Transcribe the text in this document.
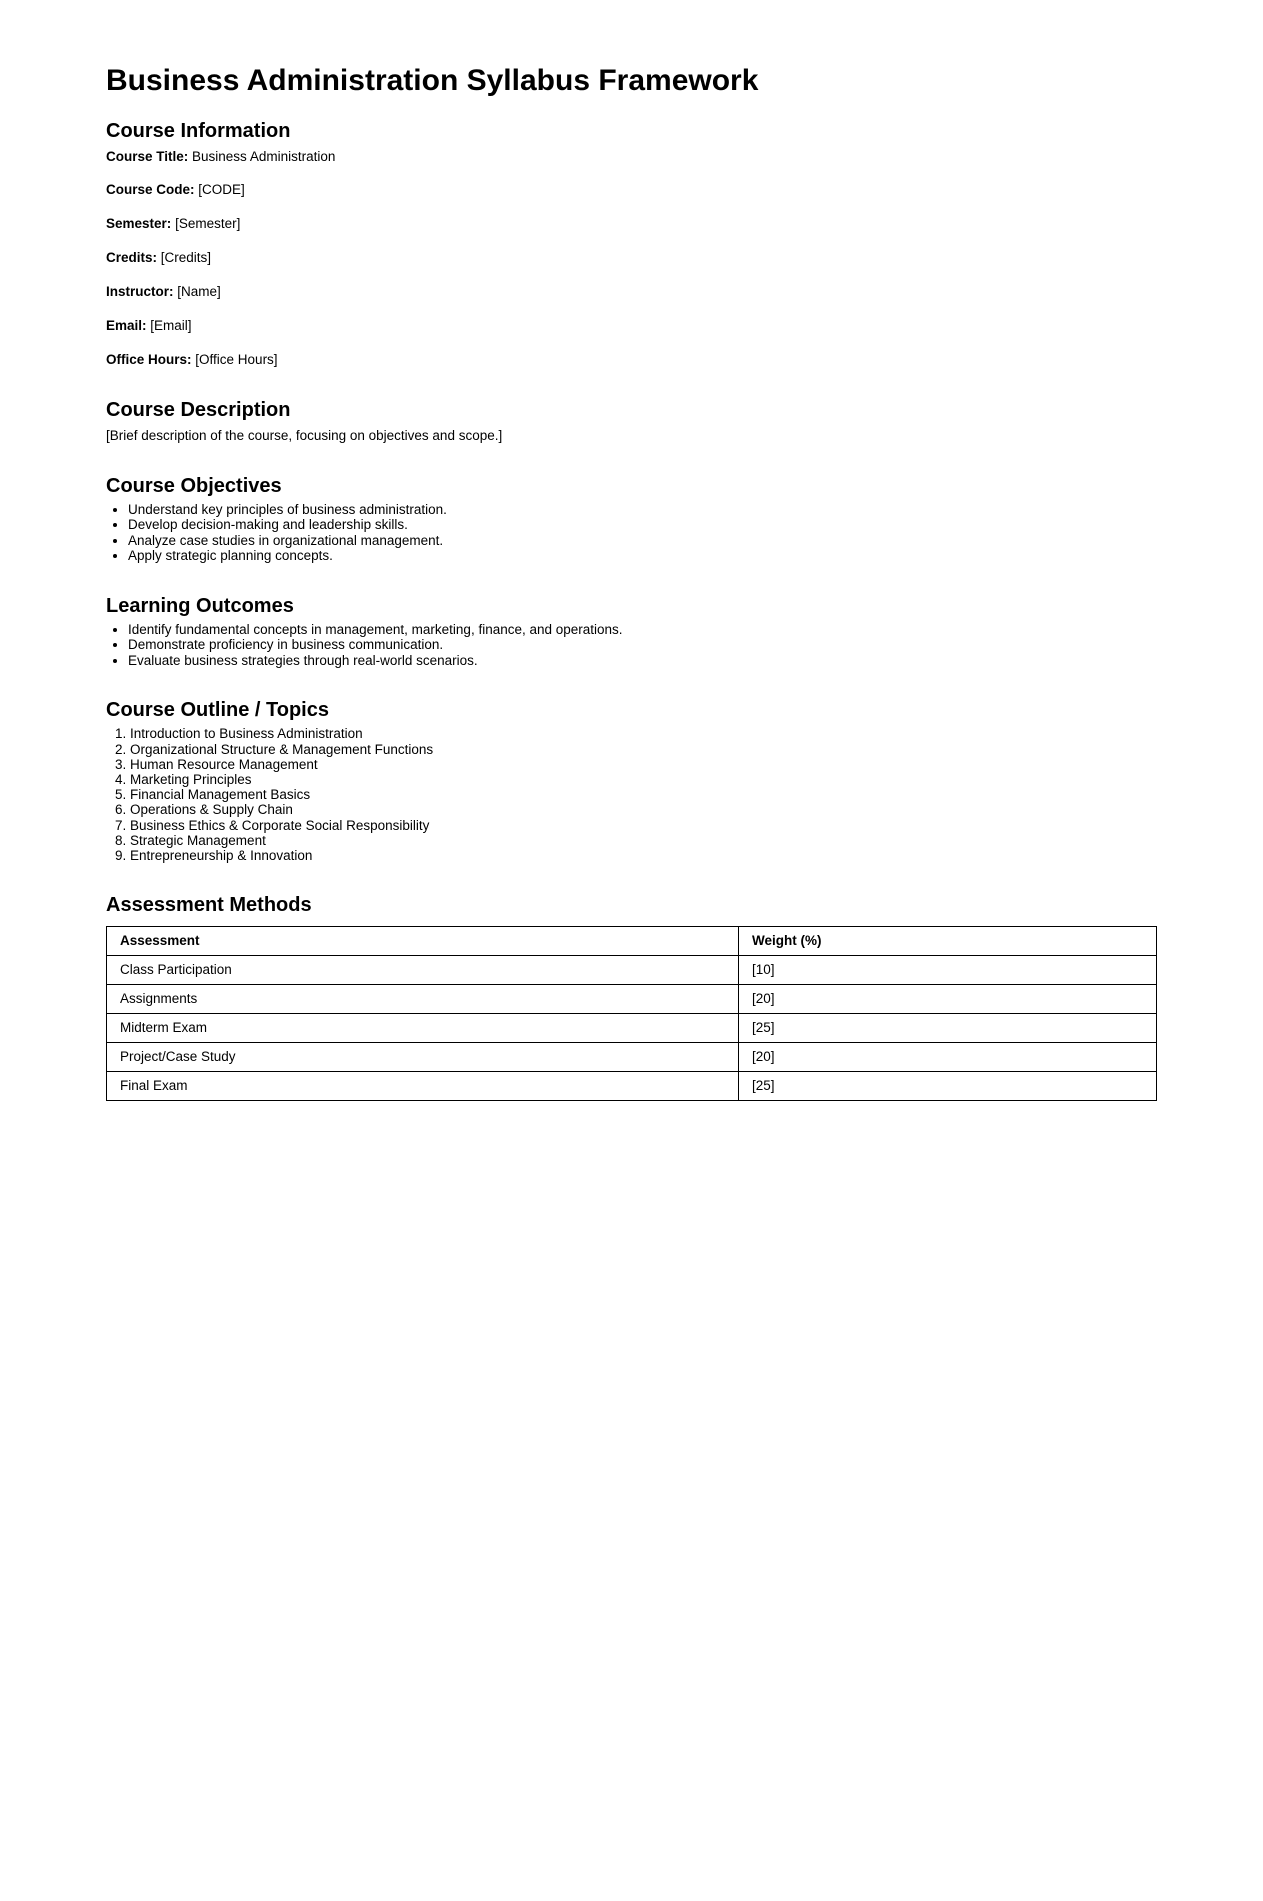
Business Administration Syllabus Framework
Course Information

Course Title: Business Administration

Course Code: [CODE]

Semester: [Semester]

Credits: [Credits]

Instructor: [Name]

Email: [Email]

Office Hours: [Office Hours]

Course Description

[Brief description of the course, focusing on objectives and scope.]

Course Objectives
• Understand key principles of business administration.
• Develop decision-making and leadership skills.
• Analyze case studies in organizational management.
• Apply strategic planning concepts.
Learning Outcomes
• Identify fundamental concepts in management, marketing, finance, and operations.
• Demonstrate proficiency in business communication.
• Evaluate business strategies through real-world scenarios.
Course Outline / Topics
1. Introduction to Business Administration
2. Organizational Structure & Management Functions
3. Human Resource Management
4. Marketing Principles
5. Financial Management Basics
6. Operations & Supply Chain
7. Business Ethics & Corporate Social Responsibility
8. Strategic Management
9. Entrepreneurship & Innovation
Assessment Methods
Assessment	Weight (%)
Class Participation	[10]
Assignments	[20]
Midterm Exam	[25]
Project/Case Study	[20]
Final Exam	[25]
